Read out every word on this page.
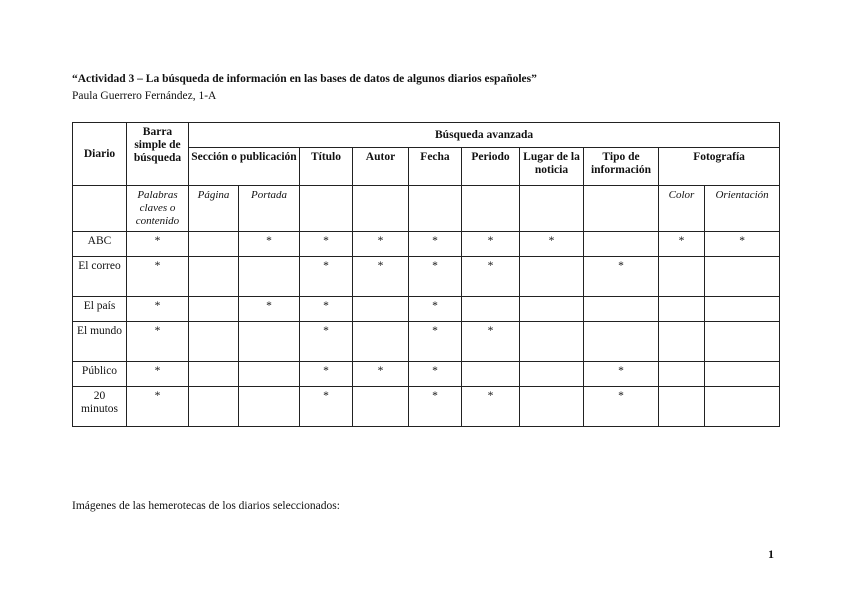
“Actividad 3 – La búsqueda de información en las bases de datos de algunos diarios españoles”
Paula Guerrero Fernández, 1-A
Diario	Barra simple de búsqueda	Búsqueda avanzada									
		Sección o publicación		Título	Autor	Fecha	Periodo	Lugar de la noticia	Tipo de información	Fotografía	
	Palabras claves o contenido	Página	Portada							Color	Orientación
ABC	*		*	*	*	*	*	*		*	*
El correo	*			*	*	*	*		*		
El país	*		*	*		*					
El mundo	*			*		*	*				
Público	*			*	*	*			*		
20 minutos	*			*		*	*		*		
Imágenes de las hemerotecas de los diarios seleccionados:
1
